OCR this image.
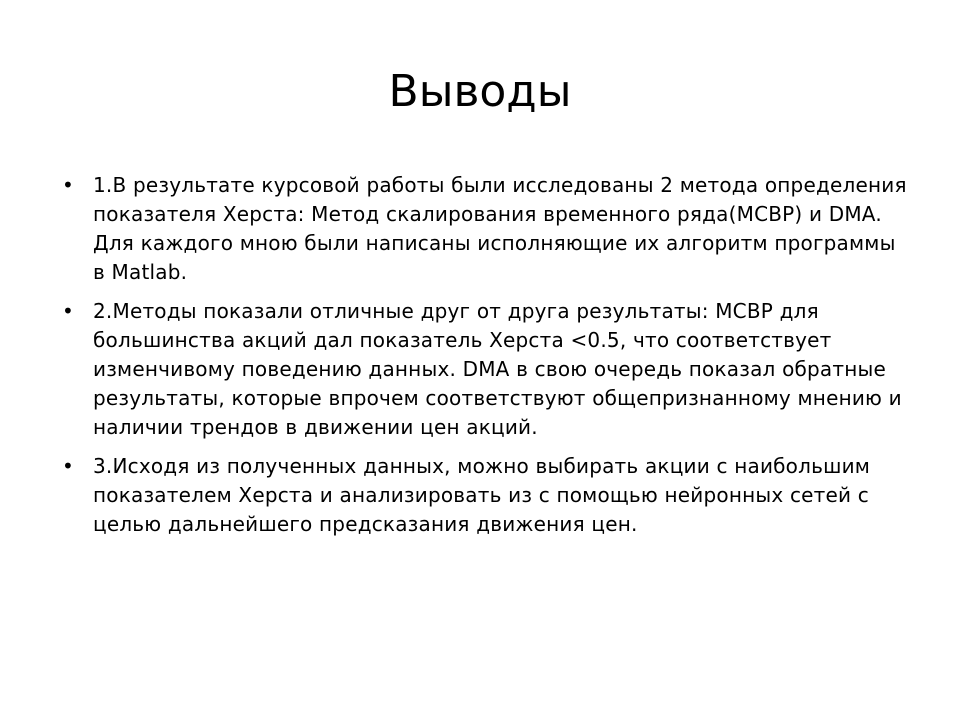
Выводы
• 1.В результате курсовой работы были исследованы 2 метода определения показателя Херста: Метод скалирования временного ряда(МСВР) и DMA. Для каждого мною были написаны исполняющие их алгоритм программы в Matlab.
• 2.Методы показали отличные друг от друга результаты: МСВР для большинства акций дал показатель Херста <0.5, что соответствует изменчивому поведению данных. DMA в свою очередь показал обратные результаты, которые впрочем соответствуют общепризнанному мнению и наличии трендов в движении цен акций.
• 3.Исходя из полученных данных, можно выбирать акции с наибольшим показателем Херста и анализировать из с помощью нейронных сетей с целью дальнейшего предсказания движения цен.
